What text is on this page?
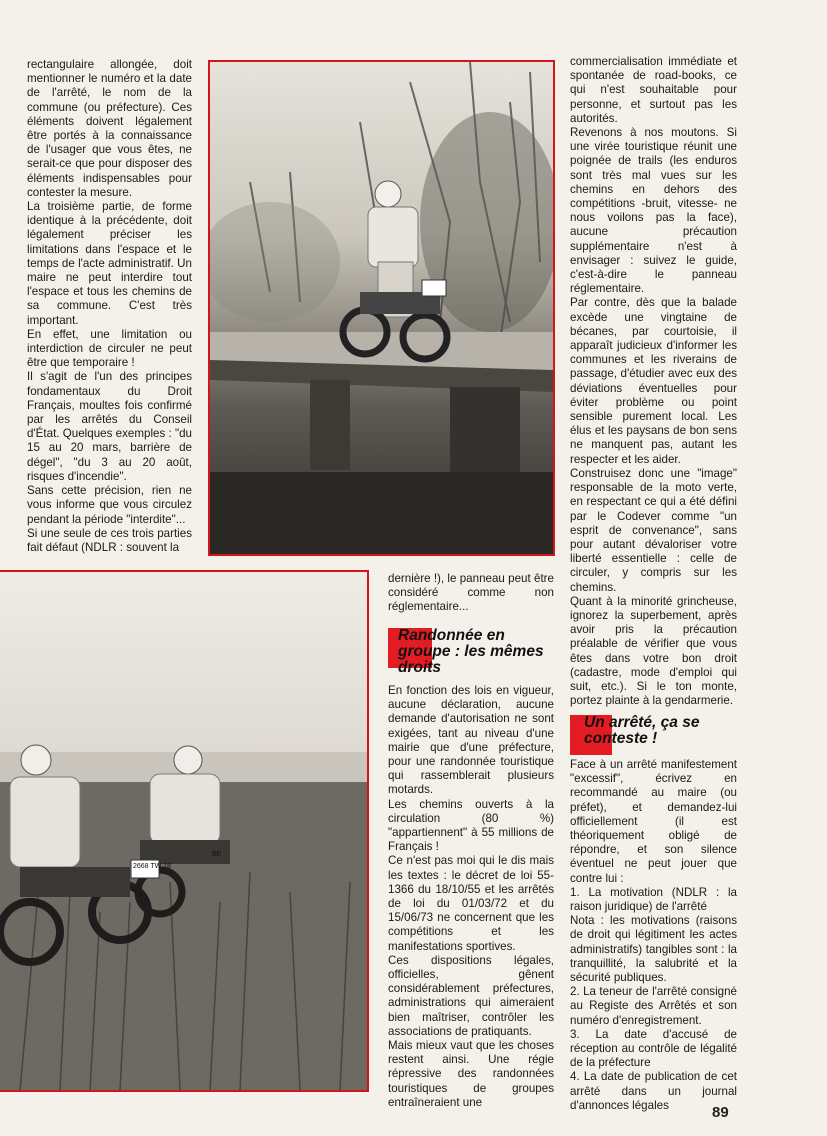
rectangulaire allongée, doit mentionner le numéro et la date de l'arrêté, le nom de la commune (ou préfecture). Ces éléments doivent légalement être portés à la connaissance de l'usager que vous êtes, ne serait-ce que pour disposer des éléments indispensables pour contester la mesure.

La troisième partie, de forme identique à la précédente, doit légalement préciser les limitations dans l'espace et le temps de l'acte administratif. Un maire ne peut interdire tout l'espace et tous les chemins de sa commune. C'est très important.

En effet, une limitation ou interdiction de circuler ne peut être que temporaire !

Il s'agit de l'un des principes fondamentaux du Droit Français, moultes fois confirmé par les arrêtés du Conseil d'État. Quelques exemples : "du 15 au 20 mars, barrière de dégel", "du 3 au 20 août, risques d'incendie".

Sans cette précision, rien ne vous informe que vous circulez pendant la période "interdite"...

Si une seule de ces trois parties fait défaut (NDLR : souvent la

commercialisation immédiate et spontanée de road-books, ce qui n'est souhaitable pour personne, et surtout pas les autorités.

Revenons à nos moutons. Si une virée touristique réunit une poignée de trails (les enduros sont très mal vues sur les chemins en dehors des compétitions -bruit, vitesse- ne nous voilons pas la face), aucune précaution supplémentaire n'est à envisager : suivez le guide, c'est-à-dire le panneau réglementaire.

Par contre, dès que la balade excède une vingtaine de bécanes, par courtoisie, il apparaît judicieux d'informer les communes et les riverains de passage, d'étudier avec eux des déviations éventuelles pour éviter problème ou point sensible purement local. Les élus et les paysans de bon sens ne manquent pas, autant les respecter et les aider.

Construisez donc une "image" responsable de la moto verte, en respectant ce qui a été défini par le Codever comme "un esprit de convenance", sans pour autant dévaloriser votre liberté essentielle : celle de circuler, y compris sur les chemins.

Quant à la minorité grincheuse, ignorez la superbement, après avoir pris la précaution préalable de vérifier que vous êtes dans votre bon droit (cadastre, mode d'emploi qui suit, etc.). Si le ton monte, portez plainte à la gendarmerie.

2668 TW 78
BE

dernière !), le panneau peut être considéré comme non réglementaire...

Randonnée en groupe : les mêmes droits

En fonction des lois en vigueur, aucune déclaration, aucune demande d'autorisation ne sont exigées, tant au niveau d'une mairie que d'une préfecture, pour une randonnée touristique qui rassemblerait plusieurs motards.

Les chemins ouverts à la circulation (80 %) "appartiennent" à 55 millions de Français !

Ce n'est pas moi qui le dis mais les textes : le décret de loi 55-1366 du 18/10/55 et les arrêtés de loi du 01/03/72 et du 15/06/73 ne concernent que les compétitions et les manifestations sportives.

Ces dispositions légales, officielles, gênent considérablement préfectures, administrations qui aimeraient bien maîtriser, contrôler les associations de pratiquants.

Mais mieux vaut que les choses restent ainsi. Une régie répressive des randonnées touristiques de groupes entraîneraient une

Un arrêté, ça se conteste !

Face à un arrêté manifestement "excessif", écrivez en recommandé au maire (ou préfet), et demandez-lui officiellement (il est théoriquement obligé de répondre, et son silence éventuel ne peut jouer que contre lui :

1. La motivation (NDLR : la raison juridique) de l'arrêté

Nota : les motivations (raisons de droit qui légitiment les actes administratifs) tangibles sont : la tranquillité, la salubrité et la sécurité publiques.

2. La teneur de l'arrêté consigné au Registe des Arrêtés et son numéro d'enregistrement.

3. La date d'accusé de réception au contrôle de légalité de la préfecture

4. La date de publication de cet arrêté dans un journal d'annonces légales	89
